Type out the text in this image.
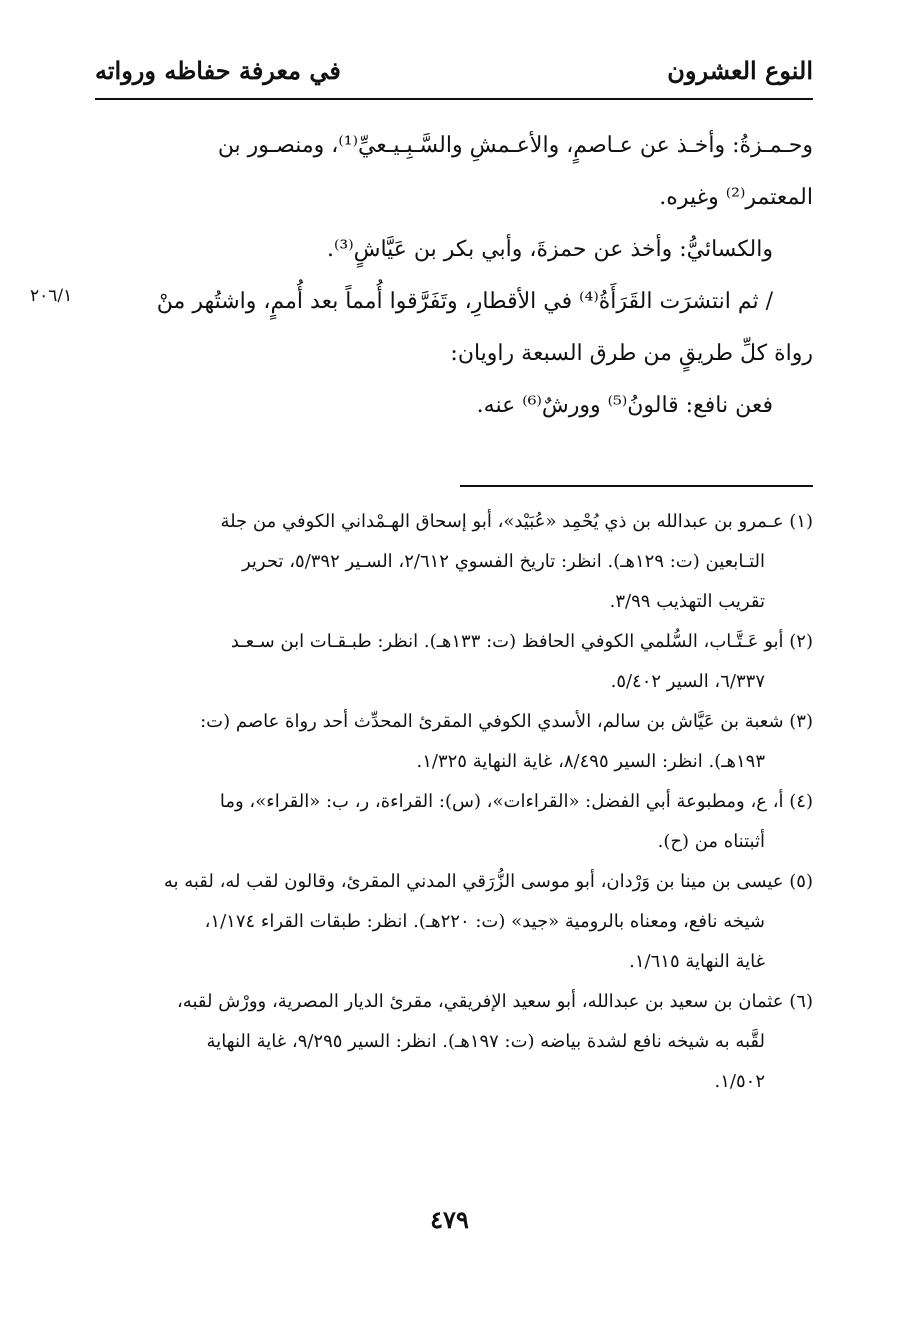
النوع العشرون
في معرفة حفاظه ورواته
وحـمـزةُ: وأخـذ عن عـاصمٍ، والأعـمشِ والسَّـبِـيـعيِّ⁽¹⁾، ومنصـور بن
المعتمر⁽²⁾ وغيره.
والكسائيُّ: وأخذ عن حمزةَ، وأبي بكر بن عَيَّاشٍ⁽³⁾.
/ ثم انتشرَت القَرَأَةُ⁽⁴⁾ في الأقطارِ، وتَفَرَّقوا أُمماً بعد أُممٍ، واشتُهر منْ
رواة كلِّ طريقٍ من طرق السبعة راويان:
فعن نافع: قالونُ⁽⁵⁾ وورشٌ⁽⁶⁾ عنه.
٢٠٦/١
(١) عـمرو بن عبدالله بن ذي يُحْمِد «عُبَيْد»، أبو إسحاق الهـمْداني الكوفي من جلة
التـابعين (ت: ١٢٩هـ). انظر: تاريخ الفسوي ٢/٦١٢، السـير ٥/٣٩٢، تحرير
تقريب التهذيب ٣/٩٩.
(٢) أبو عَـتَّـاب، السُّلمي الكوفي الحافظ (ت: ١٣٣هـ). انظر: طبـقـات ابن سـعـد
٦/٣٣٧، السير ٥/٤٠٢.
(٣) شعبة بن عَيَّاش بن سالم، الأسدي الكوفي المقرئ المحدِّث أحد رواة عاصم (ت:
١٩٣هـ). انظر: السير ٨/٤٩٥، غاية النهاية ١/٣٢٥.
(٤) أ، ع، ومطبوعة أبي الفضل: «القراءات»، (س): القراءة، ر، ب: «القراء»، وما
أثبتناه من (ح).
(٥) عيسى بن مينا بن وَرْدان، أبو موسى الزُّرَقي المدني المقرئ، وقالون لقب له، لقبه به
شيخه نافع، ومعناه بالرومية «جيد» (ت: ٢٢٠هـ). انظر: طبقات القراء ١/١٧٤،
غاية النهاية ١/٦١٥.
(٦) عثمان بن سعيد بن عبدالله، أبو سعيد الإفريقي، مقرئ الديار المصرية، وورْش لقبه،
لقَّبه به شيخه نافع لشدة بياضه (ت: ١٩٧هـ). انظر: السير ٩/٢٩٥، غاية النهاية
١/٥٠٢.
٤٧٩
